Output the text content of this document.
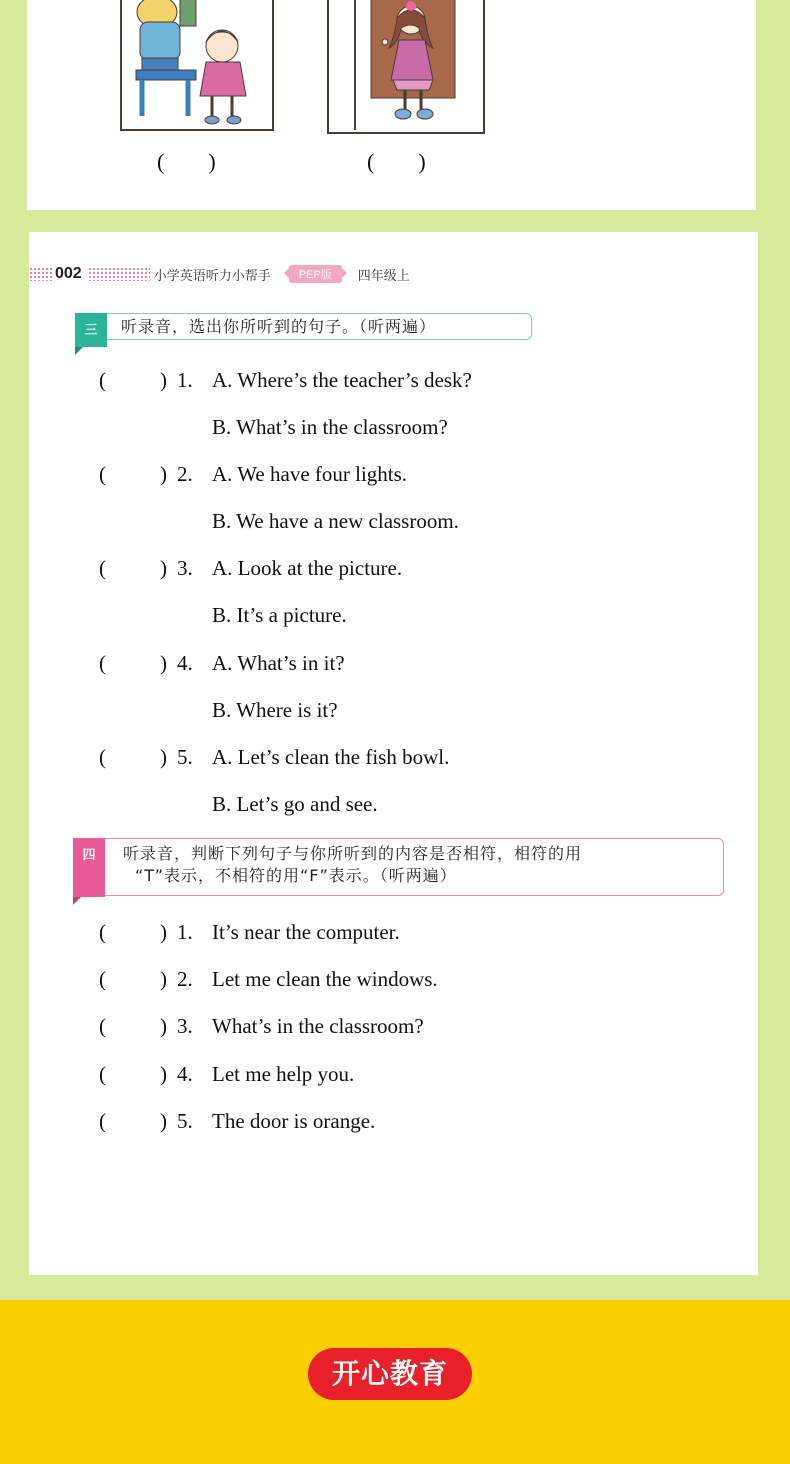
(　　)	(　　)
002	小学英语听力小帮手	PEP版	四年级上
三	听录音，选出你所听到的句子。（听两遍）
(	) 1. A. Where’s the teacher’s desk?
B. What’s in the classroom?
(	) 2. A. We have four lights.
B. We have a new classroom.
(	) 3. A. Look at the picture.
B. It’s a picture.
(	) 4. A. What’s in it?
B. Where is it?
(	) 5. A. Let’s clean the fish bowl.
B. Let’s go and see.
四	听录音，判断下列句子与你所听到的内容是否相符，相符的用
“T”表示，不相符的用“F”表示。（听两遍）
(	) 1. It’s near the computer.
(	) 2. Let me clean the windows.
(	) 3. What’s in the classroom?
(	) 4. Let me help you.
(	) 5. The door is orange.
开心教育
